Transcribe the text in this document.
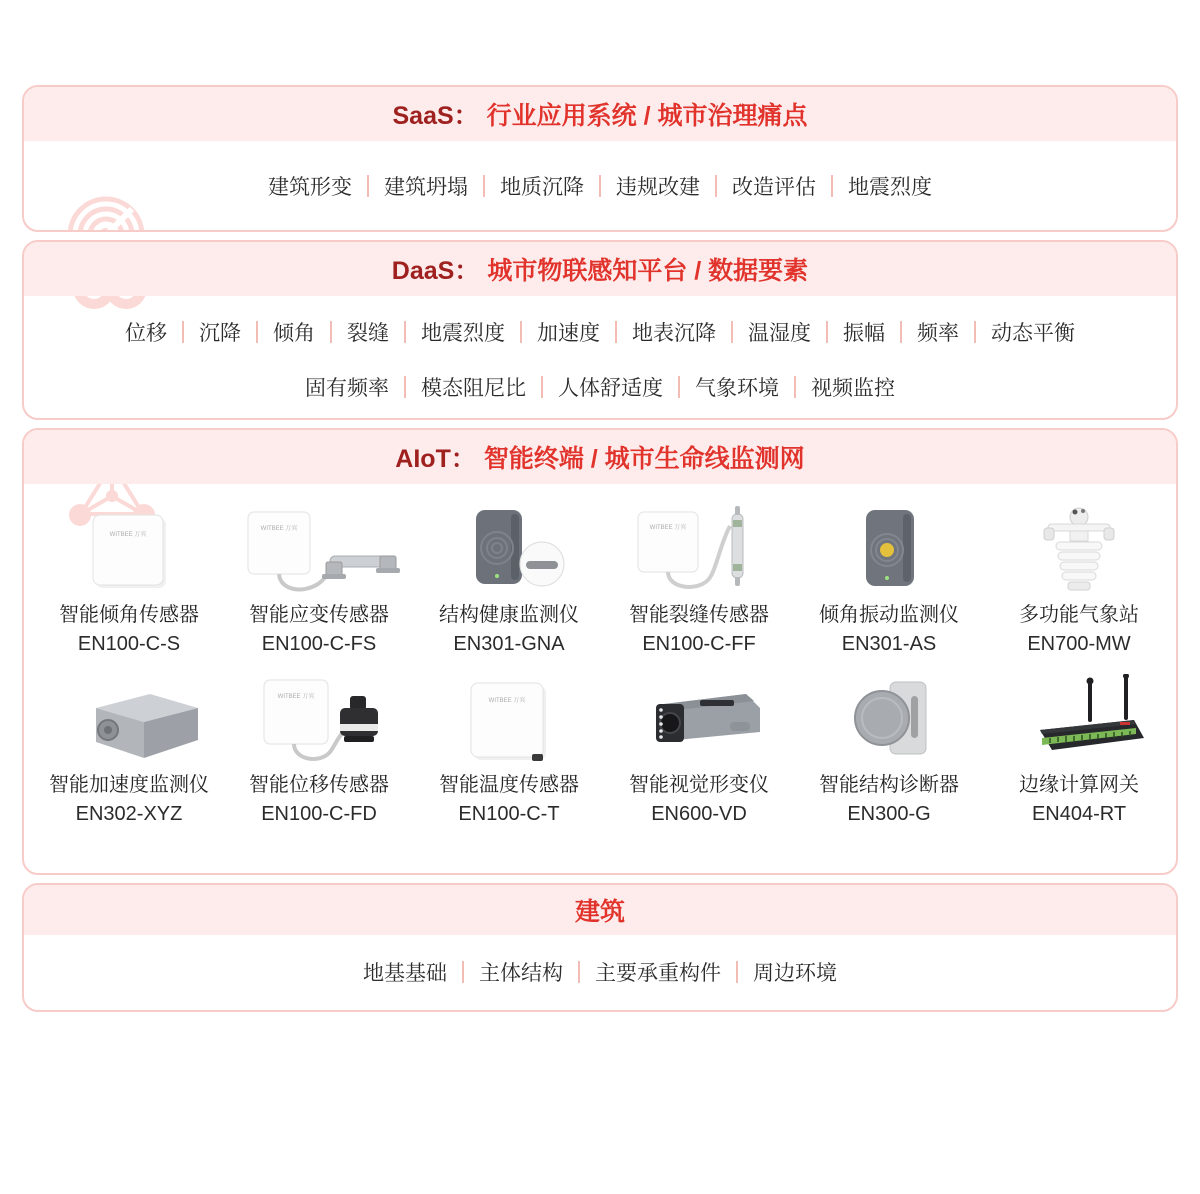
SaaS： 行业应用系统 / 城市治理痛点
建筑形变	建筑坍塌	地质沉降	违规改建	改造评估	地震烈度
DaaS： 城市物联感知平台 / 数据要素
位移	沉降	倾角	裂缝	地震烈度	加速度	地表沉降	温湿度	振幅	频率	动态平衡
固有频率	模态阻尼比	人体舒适度	气象环境	视频监控
AIoT： 智能终端 / 城市生命线监测网
WITBEE 万宾
智能倾角传感器
EN100-C-S
WITBEE 万宾
智能应变传感器
EN100-C-FS
结构健康监测仪
EN301-GNA
WITBEE 万宾
智能裂缝传感器
EN100-C-FF
倾角振动监测仪
EN301-AS
多功能气象站
EN700-MW
智能加速度监测仪
EN302-XYZ
WITBEE 万宾
智能位移传感器
EN100-C-FD
WITBEE 万宾
智能温度传感器
EN100-C-T
智能视觉形变仪
EN600-VD
智能结构诊断器
EN300-G
边缘计算网关
EN404-RT
建筑
地基基础	主体结构	主要承重构件	周边环境
